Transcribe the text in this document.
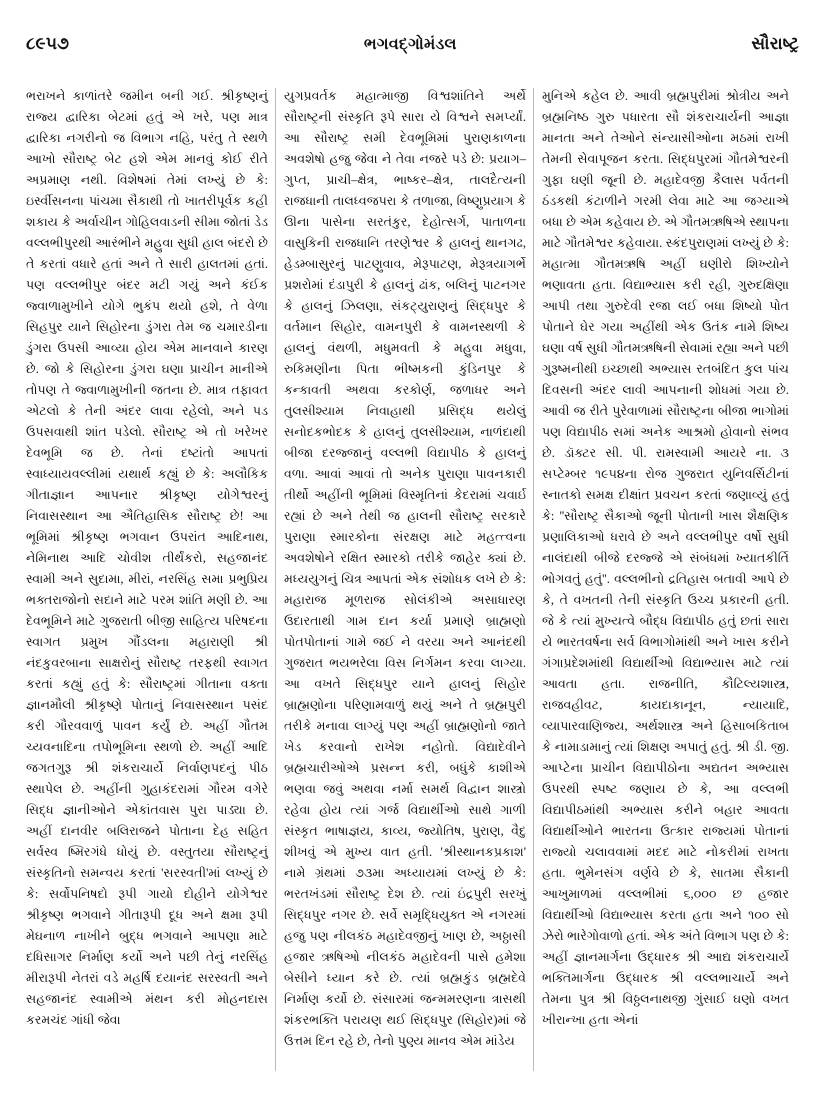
૮૯૫૭	ભગવદ્ગોમંડલ	સૌરાષ્ટ્ર

ભરાખને કાળાંતરે જમીન બની ગઈ. શ્રીકૃષ્ણનું રાજ્ય દ્વારિકા બેટમાં હતું એ ખરે, પણ માત્ર દ્વારિકા નગરીનો જ વિભાગ નહિ, પરંતુ તે સ્થળે આખો સૌરાષ્ટ્ર બેટ હશે એમ માનવું કોઈ રીતે અપ્રમાણ નથી. વિશેષમાં તેમાં લખ્યું છે કે: ઇર્સ્વીસનના પાંચમા સૈકાથી તો ખાતરીપૂર્વક કહી શકાય કે અર્વાચીન ગોહિલવાડની સીમા જોતાં ડેડ વલ્લભીપુરથી આરંભીને મહુવા સુધી હાલ બંદરો છે તે કરતાં વધારે હતાં અને તે સારી હાલતમાં હતાં. પણ વલ્લભીપુર બંદર મટી ગયું અને કંઈક જ્વાળામુખીને યોગે ભુકંપ થયો હશે, તે વેળા સિહપુર યાને સિહોરના ડુંગરા તેમ જ ચમારડીના ડુંગરા ઉપસી આવ્યા હોય એમ માનવાને કારણ છે. જો કે સિહોરના ડુંગરા ઘણા પ્રાચીન માનીએ તોપણ તે જ્વાળામુખીની જતના છે. માત્ર તફાવત એટલો કે તેની અંદર લાવા રહેલો, અને પડ ઉપસવાથી શાંત પડેલો. સૌરાષ્ટ્ર એ તો ખરેખર દેવભૂમિ જ છે. તેનાં દષ્ટાંતો આપતાં સ્વાધ્યાયવલ્લીમાં યથાર્થ કહ્યું છે કે: અલૌકિક ગીતાજ્ઞાન આપનાર શ્રીકૃષ્ણ યોગેશ્વરનું નિવાસસ્થાન આ ઐતિહાસિક સૌરાષ્ટ્ર છે! આ ભૂમિમાં શ્રીકૃષ્ણ ભગવાન ઉપરાંત આદિનાથ, નેમિનાથ આદિ ચોવીશ તીર્થંકરો, સહજાનંદ સ્વામી અને સુદામા, મીરાં, નરસિંહ સમા પ્રભુપ્રિય ભક્તરાજોનો સદાને માટે પરમ શાંતિ મણી છે. આ દેવભૂમિને માટે ગુજરાતી બીજી સાહિત્ય પરિષદના સ્વાગત પ્રમુખ ગૌંડલના મહારાણી શ્રી નંદકુવરબાના સાક્ષરોનું સૌરાષ્ટ્ર તરફથી સ્વાગત કરતાં કહ્યું હતું કે: સૌરાષ્ટ્રમાં ગીતાના વક્તા જ્ઞાનમૌલી શ્રીકૃષ્ણે પોતાનું નિવાસસ્થાન પસંદ કરી ગૌરવવાળું પાવન કર્યું છે. અહીં ગૌતમ ચ્યવનાદિના તપોભૂમિના સ્થળો છે. અહીં આદિ જગતગુરૂ શ્રી શંકરાચાર્યે નિર્વાણપદનું પીઠ સ્થાપેલ છે. અહીંની ગુહાકંદરામાં ગૌરમ વગેરે સિદ્ધ જ્ઞાનીઓને એકાંતવાસ પુરા પાડ્યા છે. અહીં દાનવીર બલિરાજને પોતાના દેહ સહિત સર્વસ્વ ષ્મિરગંધે ધોયું છે. વસ્તુતયા સૌરાષ્ટ્રનું સંસ્કૃતિનો સમન્વય કરતાં 'સરસ્વતી'માં લખ્યું છે કે: સર્વોપનિષદો રૂપી ગાયો દોહીને યોગેશ્વર શ્રીકૃષ્ણ ભગવાને ગીતારૂપી દૂધ અને ક્ષમા રૂપી મેઘનાળ નાખીને બુદ્ધ ભગવાને આપણા માટે દધિસાગર નિર્માણ કર્યો અને પછી તેનું નરસિંહ મીરારૂપી નેતરાં વડે મહર્ષિ દયાનંદ સરસ્વતી અને સહજાનંદ સ્વામીએ મંથન કરી મોહનદાસ કરમચંદ ગાંધી જેવા

યુગપ્રવર્તક મહાત્માજી વિશ્વશાંતિને અર્થે સૌરાષ્ટ્રની સંસ્કૃતિ રૂપે સારા યે વિશ્વને સમર્પ્યાં. આ સૌરાષ્ટ્ર સમી દેવભૂમિમાં પુરાણકાળના અવશેષો હજુ જેવા ને તેવા નજરે પડે છે: પ્રયાગ–ગુપ્ત, પ્રાચી–ક્ષેત્ર, ભાષ્કર–ક્ષેત્ર, તાલદૈત્યની રાજધાની તાલધ્વજપરા કે તળાજા, વિષ્ણુપ્રયાગ કે ઊના પાસેના સરતંકુર, દેહોત્સર્ગ, પાતાળના વાસુકિની રાજધાનિ તરણેશ્વર કે હાલનું થાનગઢ, હેડમ્બાસુરનું પાટણુવાવ, મેરૂપાટણ, મેરૂત્રયાગર્ભે પ્રશરોમાં દંડાપુરી કે હાલનું ઢાંક, બલિનું પાટનગર કે હાલનું ઝિલણા, સંકટ્યુરાણનું સિદ્ધપુર કે વર્તમાન સિહોર, વામનપુરી કે વામનસ્થળી કે હાલનું વંથળી, મધુમવતી કે મહુવા મધુવા, રુકિમણીના પિતા ભીષ્મકની કુંડિનપુર કે કન્કાવતી અથવા કરકોર્ણ, જળાધર અને તુલસીશ્યામ નિવાહાથી પ્રસિદ્ધ થયેલું સનોદકભોદક કે હાલનું તુલસીશ્યામ, નાળંદાથી બીજા દરજ્જાનું વલ્લભી વિદ્યાપીઠ કે હાલનું વળા. આવાં આવાં તો અનેક પુરાણા પાવનકારી તીર્થો અહીંની ભૂમિમાં વિસ્મૃતિનાં કેદરામાં ચવાર્ઇ રહ્યાં છે અને તેથી જ હાલની સૌરાષ્ટ્ર સરકારે પુરાણા સ્મારકોના સંરક્ષણ માટે મહત્ત્વના અવશેષોને રક્ષિત સ્મારકો તરીકે જાહેર ક્યાં છે. મધ્યયુગનું ચિત્ર આપતાં એક સંશોધક લખે છે કે: મહારાજ મૂળરાજ સોલંકીએ અસાધારણ ઉદારતાથી ગામ દાન કર્યા પ્રમાણે બ્રાહ્મણો પોતપોતાનાં ગામે જઈ ને વરયા અને આનંદથી ગુજરાત ભયભરેલા વિસ નિર્ગમન કરવા લાગ્યા. આ વખતે સિદ્ધપુર યાને હાલનું સિહોર બ્રાહ્મણોના પરિણામવાળું થયું અને તે બ્રહ્મપુરી તરીકે મનાવા લાગ્યું પણ અહીં બ્રાહ્મણોનો જાતે ખેડ કરવાનો રાખેશ નહોતો. વિદ્યાદેવીને બ્રહ્મચારીઓએ પ્રસન્ન કરી, બધુંકે કાશીએ ભણવા જવું અથવા નર્મા સમર્થ વિદ્વાન શાસ્ત્રો રહેવા હોય ત્યાં ગર્જ વિદ્યાર્થીઓ સાથે ગાળી સંસ્કૃત ભાષાજ્ઞય, કાવ્ય, જ્યોતિષ, પુરાણ, વૈદુ શીખવું એ મુખ્ય વાત હતી. 'શ્રીસ્થાનકપ્રકાશ' નામે ગ્રંથમાં ૭૩મા અધ્યાયમાં લખ્યું છે કે: ભરતખંડમાં સૌરાષ્ટ્ર દેશ છે. ત્યાં ઇંદ્રપુરી સરખું સિદ્ધપુર નગર છે. સર્વે સમૃદ્ધિયુક્ત એ નગરમાં હજુ પણ નીલકંઠ મહાદેવજીનું ખાણ છે, અઠ્ઠાસી હજાર ઋષિઓ નીલકંઠ મહાદેવની પાસે હમેશા બેસીને ધ્યાન કરે છે. ત્યાં બ્રહ્મકુંડ બ્રહ્મદેવે નિર્માણ કર્યો છે. સંસારમાં જન્મમરણના ત્રાસથી શંકરભક્તિ પરાયણ થઈ સિદ્ધપુર (સિહોર)માં જે ઉત્તમ દિન રહે છે, તેનો પુણ્ય માનવ એમ માંડેય

મુનિએ કહેલ છે. આવી બ્રહ્મપુરીમાં શ્રોત્રીય અને બ્રહ્મનિષ્ઠ ગુરુ પધારતા સૌ શંકરાચાર્યની આજ્ઞા માનતા અને તેઓને સંન્યાસીઓના મઠમાં રાખી તેમની સેવાપૂજન કરતા. સિદ્ધપુરમાં ગૌતમેશ્વરની ગુફા ઘણી જૂની છે. મહાદેવજી કૈલાસ પર્વતની ઠંડકથી કંટાળીને ગરમી લેવા માટે આ જગ્યાએ બધા છે એમ કહેવાય છે. એ ગૌતમઋષિએ સ્થાપના માટે ગૌતમેશ્વર કહેવાયા. સ્કંદપુરાણમાં લખ્યું છે કે: મહાત્મા ગૌતમઋષિ અહીં ઘણીરો શિખ્યોને ભણાવતા હતા. વિદ્યાભ્યાસ કરી રહી, ગુરુદક્ષિણા આપી તથા ગુરુદેવી રજા લઈ બધા શિષ્યો પોત પોતાને ઘેર ગયા અહીંથી એક ઉતંક નામે શિષ્ય ઘણા વર્ષ સુધી ગૌતમઋષિની સેવામાં રહ્યા અને પછી ગુરૂષ્મનીથી ઇચ્છાથી અભ્યાસ રતબંદિત કુલ પાંચ દિવસની અંદર લાવી આપનાની શોધમાં ગયા છે. આવી જ રીતે પુરેવાળામાં સૌરાષ્ટ્રના બીજા ભાગોમાં પણ વિદ્યાપીઠ સમાં અનેક આશ્રમો હોવાનો સંભવ છે. ડૉક્ટર સી. પી. રામસ્વામી આયરે ના. ૩ સપ્ટેમ્બર ૧૯૫૪ના રોજ ગુજરાત યુનિવર્સિટીનાં સ્નાતકો સમક્ષ દીક્ષાંત પ્રવચન કરતાં જણાવ્યું હતું કે: ''સૌરાષ્ટ્ર સૈકાઓ જૂની પોતાની ખાસ શૈક્ષણિક પ્રણાલિકાઓ ધરાવે છે અને વલ્લભીપુર વર્ષો સુધી નાલંદાથી બીજે દરજ્જે એ સંબંધમાં ખ્યાતકીર્તિ ભોગવતું હતું''. વલ્લભીનો દ્રતિહાસ બતાવી આપે છે કે, તે વખતની તેની સંસ્કૃતિ ઉચ્ચ પ્રકારની હતી. જે કે ત્યાં મુખ્યત્વે બૌદ્ધ વિદ્યાપીઠ હતું છતાં સારા યે ભારતવર્ષના સર્વ વિભાગોમાંથી અને ખાસ કરીને ગંગાપ્રદેશમાંથી વિદ્યાર્થીઓ વિદ્યાભ્યાસ માટે ત્યાં આવતા હતા. રાજનીતિ, કૌટિલ્યશાસ્ત્ર, રાજવહીવટ, કાયદાકાનૂન, ન્યાયાદિ, વ્યાપારવાણિજ્ય, અર્થશાસ્ત્ર અને હિસાબકિતાબ કે નામાડામાનું ત્યાં શિક્ષણ અપાતું હતું. શ્રી ડી. જી. આપ્ટેના પ્રાચીન વિદ્યાપીઠોના અદ્યતન અભ્યાસ ઉપરથી સ્પષ્ટ જણાય છે કે, આ વલ્લભી વિદ્યાપીઠમાંથી અભ્યાસ કરીને બહાર આવતા વિદ્યાર્થીઓને ભારતના ઉત્કાર રાજ્યમાં પોતાનાં રાજ્યો ચલાવવામાં મદદ માટે નોકરીમાં રાખતા હતા. ભુમેનસંગ વર્ણવે છે કે, સાતમા સૈકાની આખુમાળમાં વલ્લભીમાં ૬,૦૦૦ છ હજાર વિદ્યાર્થીઓ વિદ્યાભ્યાસ કરતા હતા અને ૧૦૦ સો ઝેરો ભારેગોવાળો હતાં. એક અંતે વિભાગ પણ છે કે: અહીં જ્ઞાનમાર્ગના ઉદ્ધારક શ્રી આદ્ય શંકરાચાર્યે ભક્તિમાર્ગના ઉદ્ધારક શ્રી વલ્લભાચાર્યે અને તેમના પુત્ર શ્રી વિઠ્ઠલનાથજી ગુંસાઈ ઘણો વખત ખીરાન્ખા હતા એનાં
